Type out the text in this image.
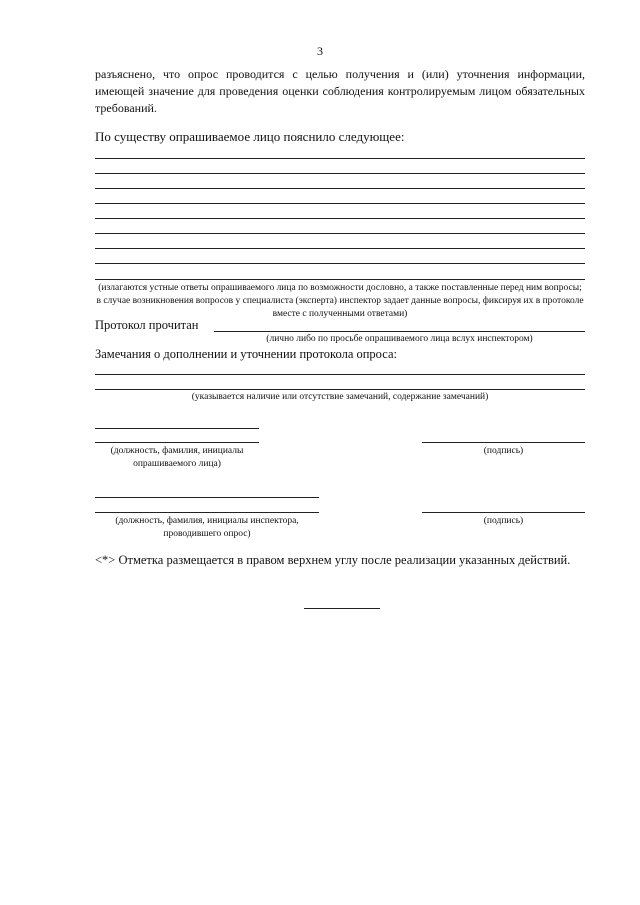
3
разъяснено, что опрос проводится с целью получения и (или) уточнения информации, имеющей значение для проведения оценки соблюдения контролируемым лицом обязательных требований.
По существу опрашиваемое лицо пояснило следующее:
(излагаются устные ответы опрашиваемого лица по возможности дословно, а также поставленные перед ним вопросы; в случае возникновения вопросов у специалиста (эксперта) инспектор задает данные вопросы, фиксируя их в протоколе вместе с полученными ответами)
Протокол прочитан
(лично либо по просьбе опрашиваемого лица вслух инспектором)
Замечания о дополнении и уточнении протокола опроса:
(указывается наличие или отсутствие замечаний, содержание замечаний)
(должность, фамилия, инициалы
опрашиваемого лица)
(подпись)
(должность, фамилия, инициалы инспектора,
проводившего опрос)
(подпись)
<*> Отметка размещается в правом верхнем углу после реализации указанных действий.
